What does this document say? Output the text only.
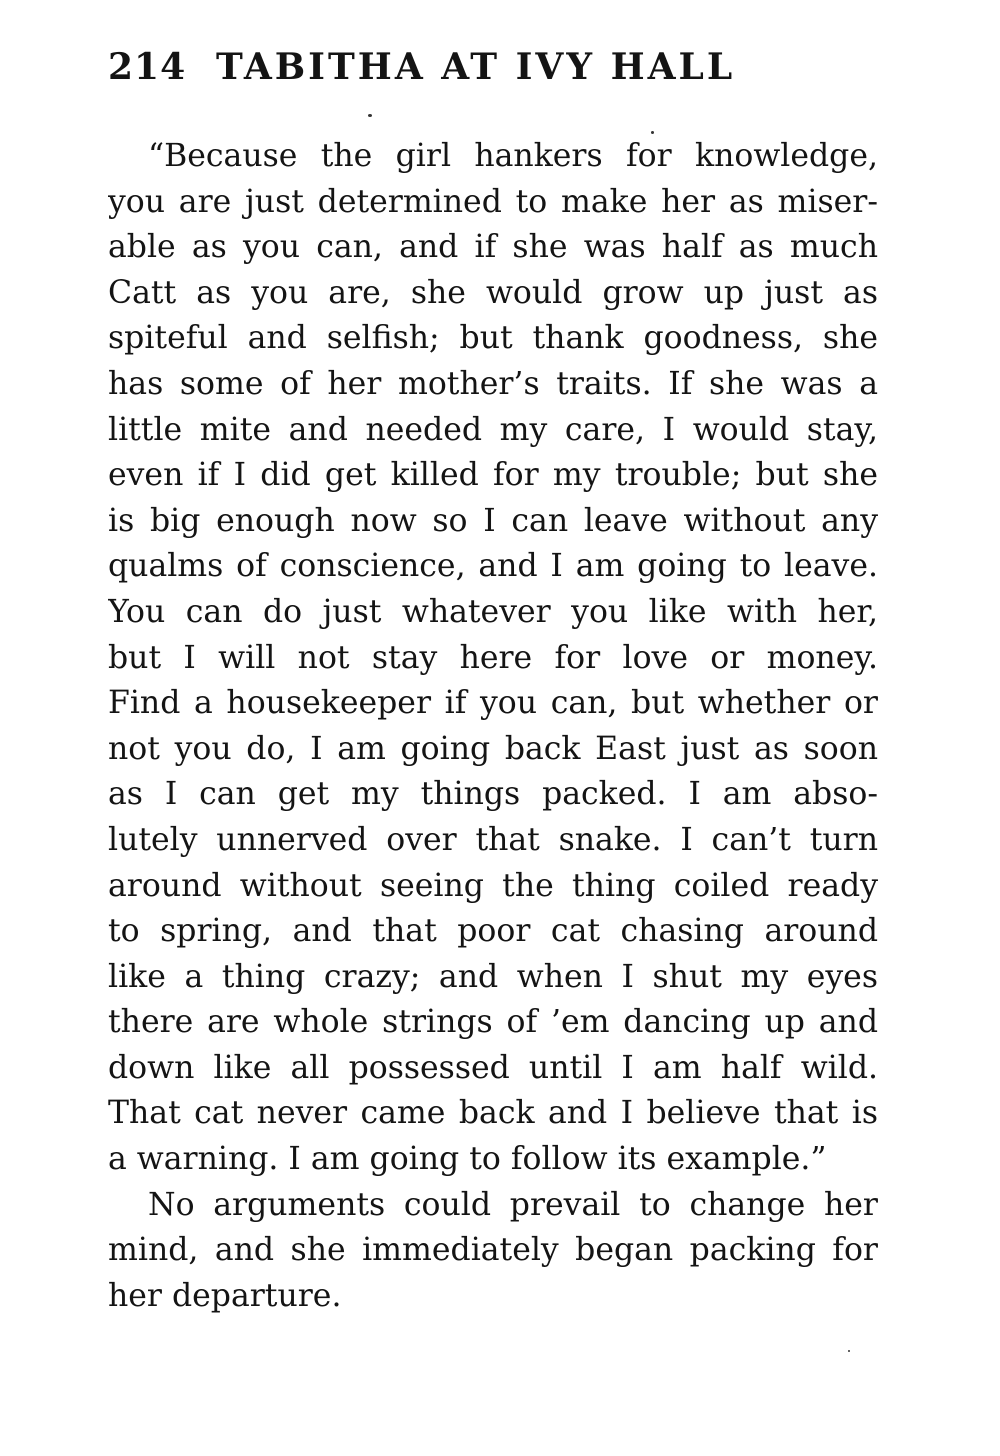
214 TABITHA AT IVY HALL
“Because the girl hankers for knowledge,
you are just determined to make her as miser-
able as you can, and if she was half as much
Catt as you are, she would grow up just as
spiteful and selfish; but thank goodness, she
has some of her mother’s traits. If she was a
little mite and needed my care, I would stay,
even if I did get killed for my trouble; but she
is big enough now so I can leave without any
qualms of conscience, and I am going to leave.
You can do just whatever you like with her,
but I will not stay here for love or money.
Find a housekeeper if you can, but whether or
not you do, I am going back East just as soon
as I can get my things packed. I am abso-
lutely unnerved over that snake. I can’t turn
around without seeing the thing coiled ready
to spring, and that poor cat chasing around
like a thing crazy; and when I shut my eyes
there are whole strings of ’em dancing up and
down like all possessed until I am half wild.
That cat never came back and I believe that is
a warning. I am going to follow its example.”
No arguments could prevail to change her
mind, and she immediately began packing for
her departure.
